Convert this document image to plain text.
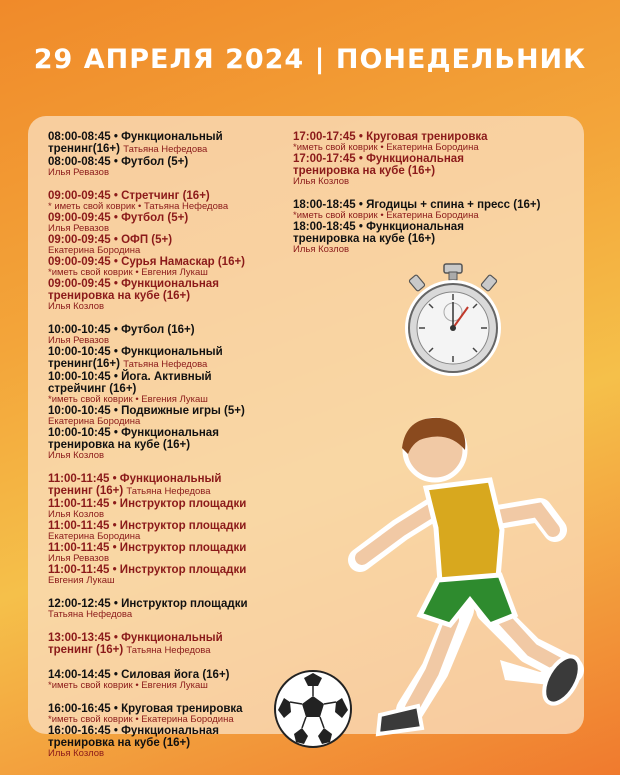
29 АПРЕЛЯ 2024 | ПОНЕДЕЛЬНИК
08:00-08:45 • Функциональный
тренинг(16+) Татьяна Нефедова
08:00-08:45 • Футбол (5+)
Илья Ревазов
09:00-09:45 • Стретчинг (16+)
* иметь свой коврик • Татьяна Нефедова
09:00-09:45 • Футбол (5+)
Илья Ревазов
09:00-09:45 • ОФП (5+)
Екатерина Бородина
09:00-09:45 • Сурья Намаскар (16+)
*иметь свой коврик • Евгения Лукаш
09:00-09:45 • Функциональная
тренировка на кубе (16+)
Илья Козлов
10:00-10:45 • Футбол (16+)
Илья Ревазов
10:00-10:45 • Функциональный
тренинг(16+) Татьяна Нефедова
10:00-10:45 • Йога. Активный
стрейчинг (16+)
*иметь свой коврик • Евгения Лукаш
10:00-10:45 • Подвижные игры (5+)
Екатерина Бородина
10:00-10:45 • Функциональная
тренировка на кубе (16+)
Илья Козлов
11:00-11:45 • Функциональный
тренинг (16+) Татьяна Нефедова
11:00-11:45 • Инструктор площадки
Илья Козлов
11:00-11:45 • Инструктор площадки
Екатерина Бородина
11:00-11:45 • Инструктор площадки
Илья Ревазов
11:00-11:45 • Инструктор площадки
Евгения Лукаш
12:00-12:45 • Инструктор площадки
Татьяна Нефедова
13:00-13:45 • Функциональный
тренинг (16+) Татьяна Нефедова
14:00-14:45 • Силовая йога (16+)
*иметь свой коврик • Евгения Лукаш
16:00-16:45 • Круговая тренировка
*иметь свой коврик • Екатерина Бородина
16:00-16:45 • Функциональная
тренировка на кубе (16+)
Илья Козлов
17:00-17:45 • Круговая тренировка
*иметь свой коврик • Екатерина Бородина
17:00-17:45 • Функциональная
тренировка на кубе (16+)
Илья Козлов
18:00-18:45 • Ягодицы + спина + пресс (16+)
*иметь свой коврик • Екатерина Бородина
18:00-18:45 • Функциональная
тренировка на кубе (16+)
Илья Козлов
